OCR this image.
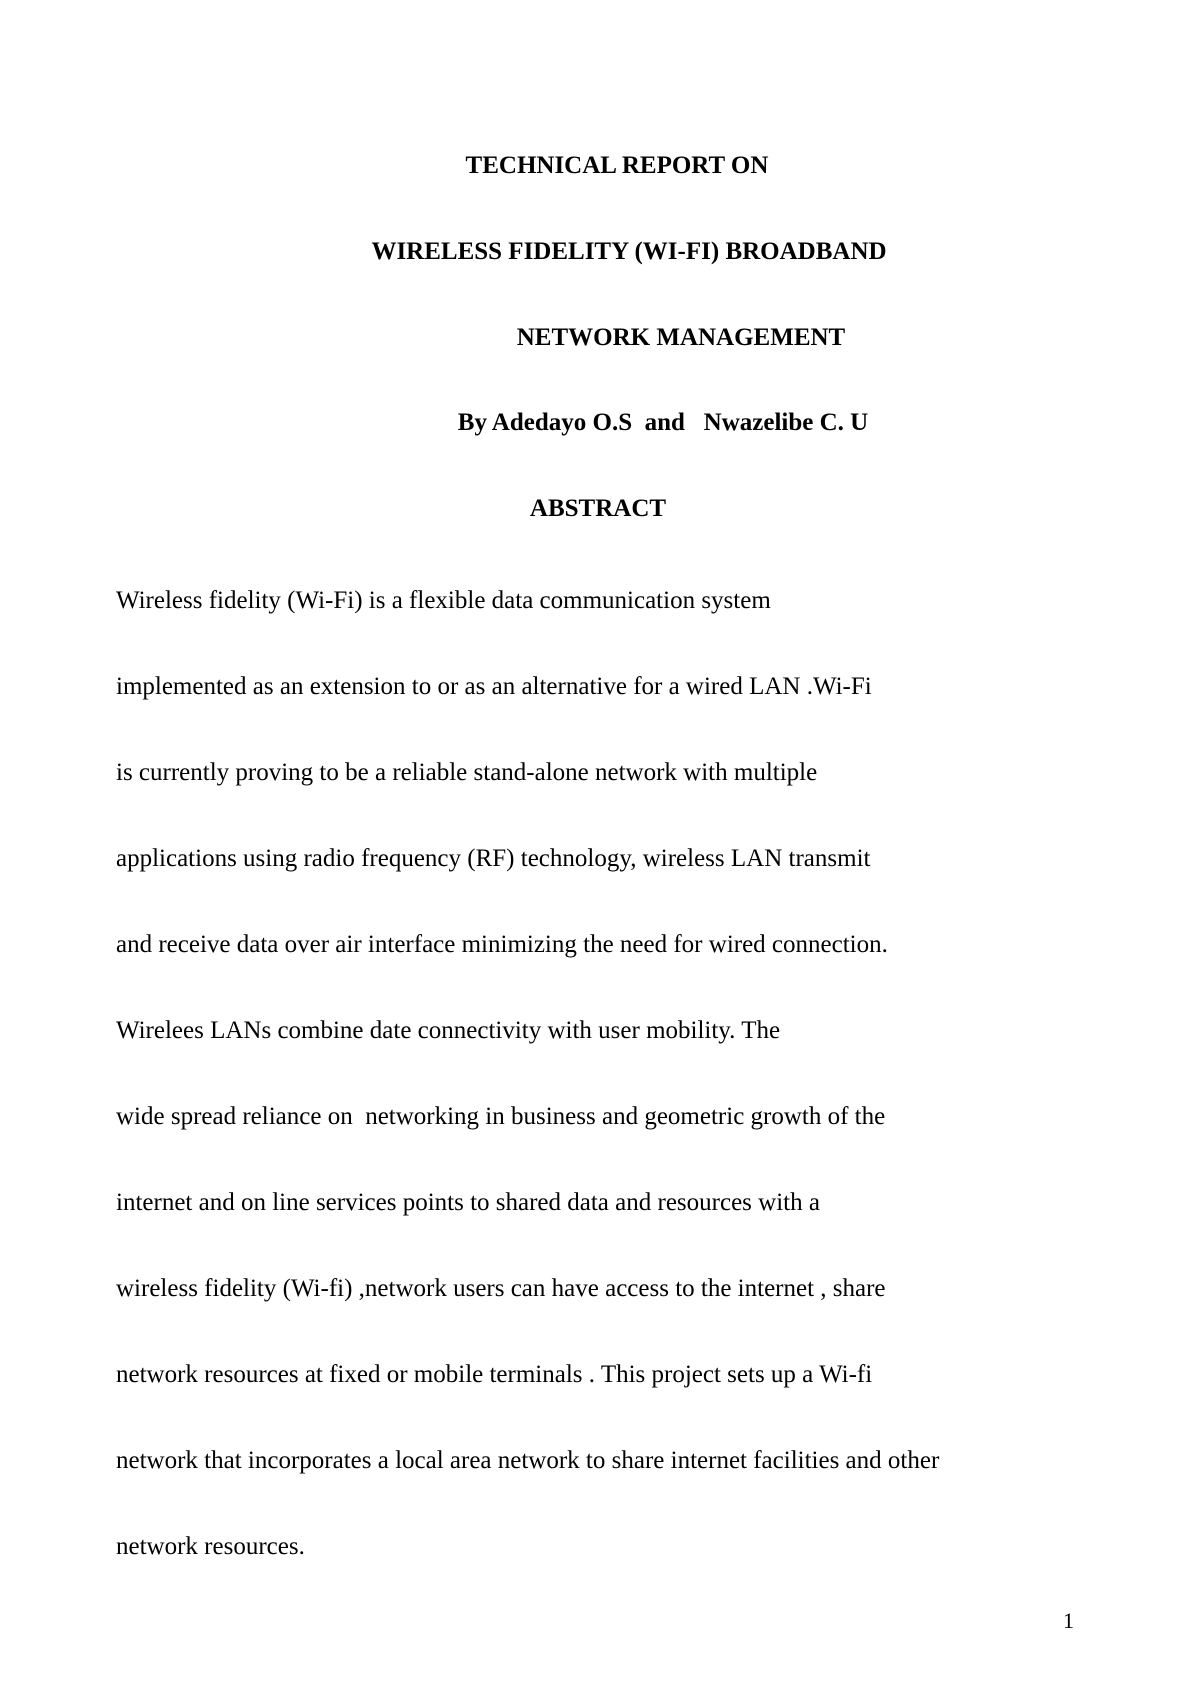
TECHNICAL REPORT ON
WIRELESS FIDELITY (WI-FI) BROADBAND
NETWORK MANAGEMENT
By Adedayo O.S  and   Nwazelibe C. U
ABSTRACT
Wireless fidelity (Wi-Fi) is a flexible data communication system
implemented as an extension to or as an alternative for a wired LAN .Wi-Fi
is currently proving to be a reliable stand-alone network with multiple
applications using radio frequency (RF) technology, wireless LAN transmit
and receive data over air interface minimizing the need for wired connection.
Wirelees LANs combine date connectivity with user mobility. The
wide spread reliance on  networking in business and geometric growth of the
internet and on line services points to shared data and resources with a
wireless fidelity (Wi-fi) ,network users can have access to the internet , share
network resources at fixed or mobile terminals . This project sets up a Wi-fi
network that incorporates a local area network to share internet facilities and other
network resources.
1
